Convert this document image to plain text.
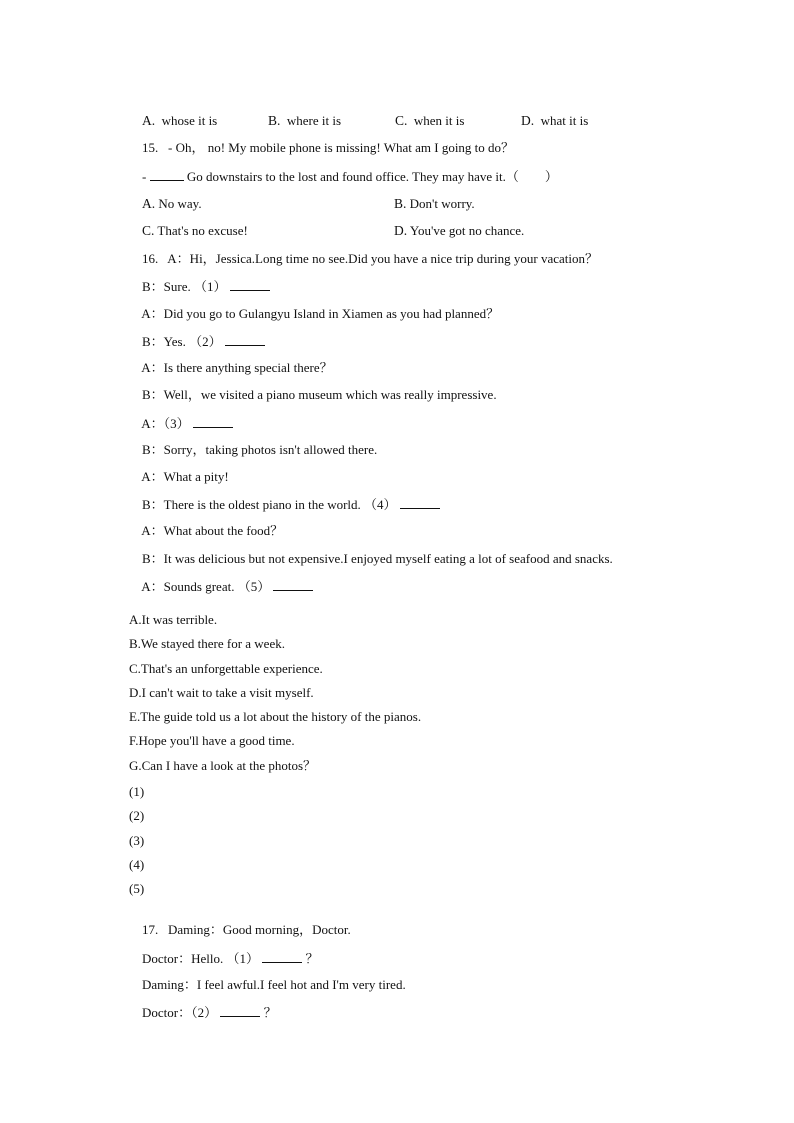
A. whose it is
	B. where it is
	C. when it is
	D. what it is

15. - Oh， no! My mobile phone is missing! What am I going to do？

-	Go downstairs to the lost and found office. They may have it.（　　）

A. No way.
	B. Don't worry.

C. That's no excuse!
	D. You've got no chance.

16. A：Hi，Jessica.Long time no see.Did you have a nice trip during your vacation？

B：Sure. （1）

A：Did you go to Gulangyu Island in Xiamen as you had planned？

B：Yes. （2）

A：Is there anything special there？

B：Well，we visited a piano museum which was really impressive.

A：（3）

B：Sorry，taking photos isn't allowed there.

A：What a pity!

B：There is the oldest piano in the world. （4）

A：What about the food？

B：It was delicious but not expensive.I enjoyed myself eating a lot of seafood and snacks.

A：Sounds great. （5）

A.It was terrible.
B.We stayed there for a week.
C.That's an unforgettable experience.
D.I can't wait to take a visit myself.
E.The guide told us a lot about the history of the pianos.
F.Hope you'll have a good time.
G.Can I have a look at the photos？
(1)
(2)
(3)
(4)
(5)

17. Daming：Good morning，Doctor.

Doctor：Hello. （1）	？

Daming：I feel awful.I feel hot and I'm very tired.

Doctor：（2）	？
